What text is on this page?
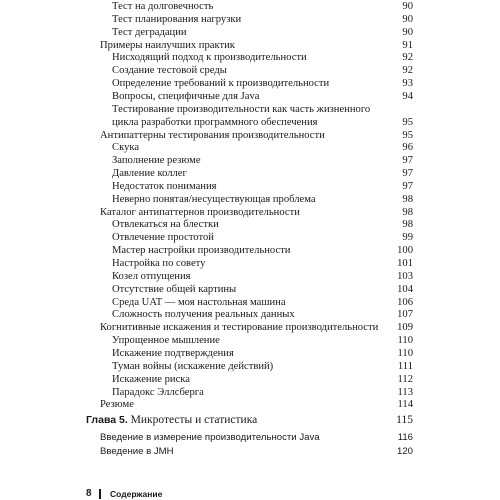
Тест на долговечность	90
Тест планирования нагрузки	90
Тест деградации	90
Примеры наилучших практик	91
Нисходящий подход к производительности	92
Создание тестовой среды	92
Определение требований к производительности	93
Вопросы, специфичные для Java	94
Тестирование производительности как часть жизненного
цикла разработки программного обеспечения	95
Антипаттерны тестирования производительности	95
Скука	96
Заполнение резюме	97
Давление коллег	97
Недостаток понимания	97
Неверно понятая/несуществующая проблема	98
Каталог антипаттернов производительности	98
Отвлекаться на блестки	98
Отвлечение простотой	99
Мастер настройки производительности	100
Настройка по совету	101
Козел отпущения	103
Отсутствие общей картины	104
Среда UAT — моя настольная машина	106
Сложность получения реальных данных	107
Когнитивные искажения и тестирование производительности 109
Упрощенное мышление	110
Искажение подтверждения	110
Туман войны (искажение действий)	111
Искажение риска	112
Парадокс Эллсберга	113
Резюме	114
Глава 5. Микротесты и статистика	115
Введение в измерение производительности Java	116
Введение в JMH	120
8 Содержание
